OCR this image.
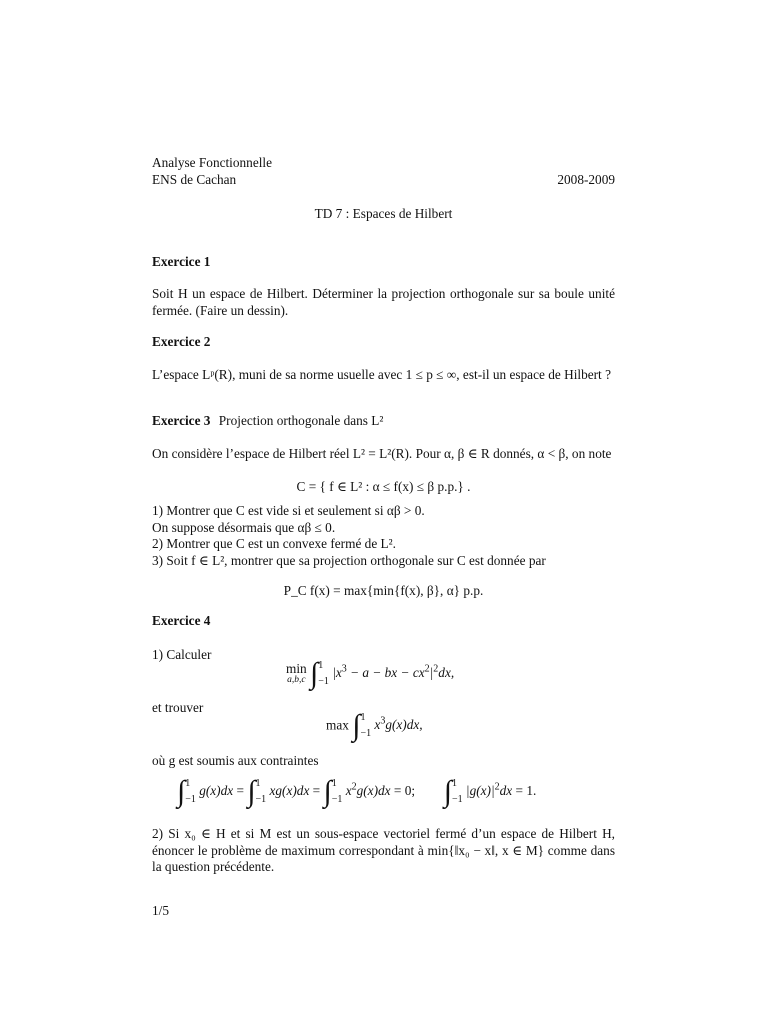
Analyse Fonctionnelle
ENS de Cachan	2008-2009
TD 7 : Espaces de Hilbert
Exercice 1
Soit H un espace de Hilbert. Déterminer la projection orthogonale sur sa boule unité fermée. (Faire un dessin).
Exercice 2
L’espace Lᵖ(R), muni de sa norme usuelle avec 1 ≤ p ≤ ∞, est-il un espace de Hilbert ?
Exercice 3 Projection orthogonale dans L²
On considère l’espace de Hilbert réel L² = L²(R). Pour α, β ∈ R donnés, α < β, on note
C = { f ∈ L² : α ≤ f(x) ≤ β p.p.} .
1) Montrer que C est vide si et seulement si αβ > 0.
On suppose désormais que αβ ≤ 0.
2) Montrer que C est un convexe fermé de L².
3) Soit f ∈ L², montrer que sa projection orthogonale sur C est donnée par
P_C f(x) = max{min{f(x), β}, α} p.p.
Exercice 4
1) Calculer
min
a,b,c ∫ 1
−1
$|x^3 - a$ − bx − $cx^2|^2dx$,
et trouver
max ∫ 1
−1
$x^3g(x)dx$,
où g est soumis aux contraintes
∫ 1
−1
g(x)dx = ∫ 1
−1
xg(x)dx = ∫ 1
−1
$x^2g(x)dx = 0$;  ∫ 1
−1
$|g(x)|^2dx = 1$.
2) Si x₀ ∈ H et si M est un sous-espace vectoriel fermé d’un espace de Hilbert H, énoncer le problème de maximum correspondant à min{‖x₀ − x‖, x ∈ M} comme dans la question précédente.
1/5
